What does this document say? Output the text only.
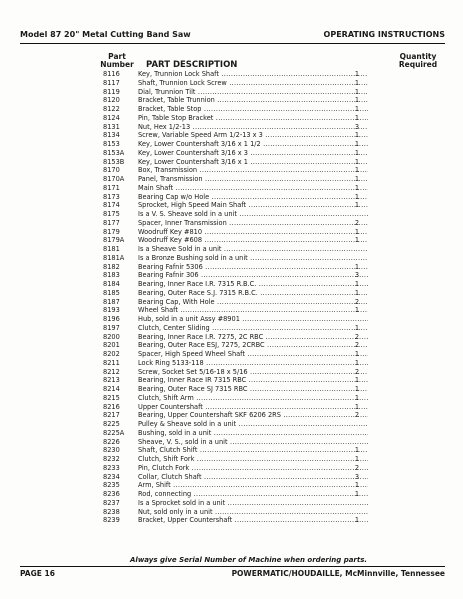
Model 87 20" Metal Cutting Band Saw	OPERATING INSTRUCTIONS
Part
Number PART DESCRIPTION
Quantity
Required
8116	Key, Trunnion Lock Shaft .....	1
8117	Shaft, Trunnion Lock Screw .....	1
8119	Dial, Trunnion Tilt .....	1
8120	Bracket, Table Trunnion .....	1
8122	Bracket, Table Stop .....	1
8124	Pin, Table Stop Bracket .....	1
8131	Nut, Hex 1/2-13 .....	3
8134	Screw, Variable Speed Arm 1/2-13 x 3 .....	1
8153	Key, Lower Countershaft 3/16 x 1 1/2 .....	1
8153A	Key, Lower Countershaft 3/16 x 3 .....	1
8153B	Key, Lower Countershaft 3/16 x 1 .....	1
8170	Box, Transmission .....	1
8170A	Panel, Transmission .....	1
8171	Main Shaft .....	1
8173	Bearing Cap w/o Hole .....	1
8174	Sprocket, High Speed Main Shaft .....	1
8175	Is a V. S. Sheave sold in a unit .....
8177	Spacer, Inner Transmission .....	2
8179	Woodruff Key #810 .....	1
8179A	Woodruff Key #608 .....	1
8181	Is a Sheave Sold in a unit .....
8181A	Is a Bronze Bushing sold in a unit .....
8182	Bearing Fafnir 5306 .....	1
8183	Bearing Fafnir 306 .....	3
8184	Bearing, Inner Race I.R. 7315 R.B.C. .....	1
8185	Bearing, Outer Race S.J. 7315 R.B.C. .....	1
8187	Bearing Cap, With Hole .....	2
8193	Wheel Shaft .....	1
8196	Hub, sold in a unit Assy #8901 .....
8197	Clutch, Center Sliding .....	1
8200	Bearing, Inner Race I.R. 7275, 2C RBC .....	2
8201	Bearing, Outer Race ESJ, 7275, 2CRBC .....	2
8202	Spacer, High Speed Wheel Shaft .....	1
8211	Lock Ring 5133-118 .....	1
8212	Screw, Socket Set 5/16-18 x 5/16 .....	2
8213	Bearing, Inner Race IR 7315 RBC .....	1
8214	Bearing, Outer Race SJ 7315 RBC .....	1
8215	Clutch, Shift Arm .....	1
8216	Upper Countershaft .....	1
8217	Bearing, Upper Countershaft SKF 6206 2RS .....	2
8225	Pulley & Sheave sold in a unit .....
8225A	Bushing, sold in a unit .....
8226	Sheave, V. S., sold in a unit .....
8230	Shaft, Clutch Shift .....	1
8232	Clutch, Shift Fork .....	1
8233	Pin, Clutch Fork .....	2
8234	Collar, Clutch Shaft .....	3
8235	Arm, Shift .....	1
8236	Rod, connecting .....	1
8237	Is a Sprocket sold in a unit .....
8238	Nut, sold only in a unit .....
8239	Bracket, Upper Countershaft .....	1
Always give Serial Number of Machine when ordering parts.
PAGE 16	POWERMATIC/HOUDAILLE, McMinnville, Tennessee
